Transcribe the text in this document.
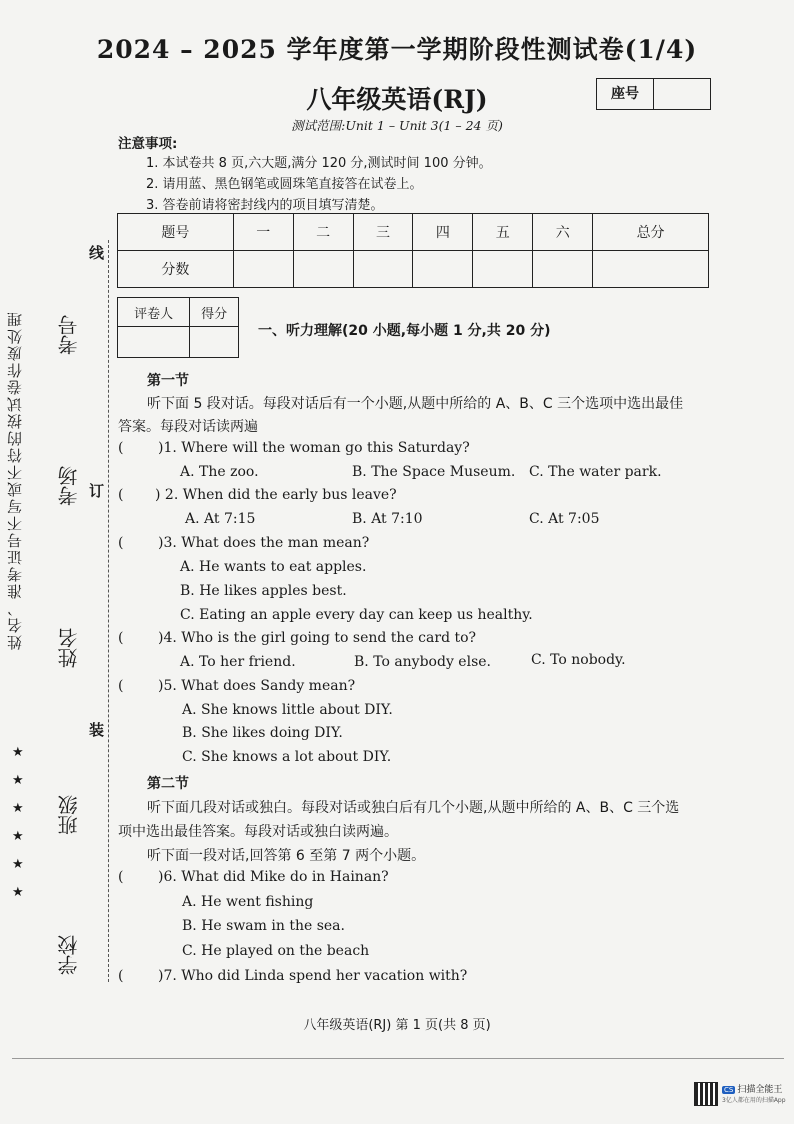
2024 – 2025 学年度第一学期阶段性测试卷(1/4)
八年级英语(RJ)	座号
测试范围:Unit 1 – Unit 3(1 – 24 页)
注意事项:
1. 本试卷共 8 页,六大题,满分 120 分,测试时间 100 分钟。
2. 请用蓝、黑色钢笔或圆珠笔直接答在试卷上。
3. 答卷前请将密封线内的项目填写清楚。
题号	一	二	三	四	五	六	总分
分数							
评卷人	得分

一、听力理解(20 小题,每小题 1 分,共 20 分)
第一节
听下面 5 段对话。每段对话后有一个小题,从题中所给的 A、B、C 三个选项中选出最佳
答案。每段对话读两遍
( )1. Where will the woman go this Saturday?
A. The zoo.	B. The Space Museum. C. The water park.
( ) 2. When did the early bus leave?
A. At 7:15	B. At 7:10	C. At 7:05
( )3. What does the man mean?
A. He wants to eat apples.
B. He likes apples best.
C. Eating an apple every day can keep us healthy.
( )4. Who is the girl going to send the card to?
A. To her friend.	B. To anybody else.	C. To nobody.
( )5. What does Sandy mean?
A. She knows little about DIY.
B. She likes doing DIY.
C. She knows a lot about DIY.
第二节
听下面几段对话或独白。每段对话或独白后有几个小题,从题中所给的 A、B、C 三个选
项中选出最佳答案。每段对话或独白读两遍。
听下面一段对话,回答第 6 至第 7 两个小题。
( )6. What did Mike do in Hainan?
A. He went fishing
B. He swam in the sea.
C. He played on the beach
( )7. Who did Linda spend her vacation with?
姓名、准考证号不写或不符的按试卷作废处理
学校
班级
姓名
考场
考号
线
订
装
★
★
★
★
★
★
八年级英语(RJ) 第 1 页(共 8 页)
CS 扫描全能王
3亿人都在用的扫描App
